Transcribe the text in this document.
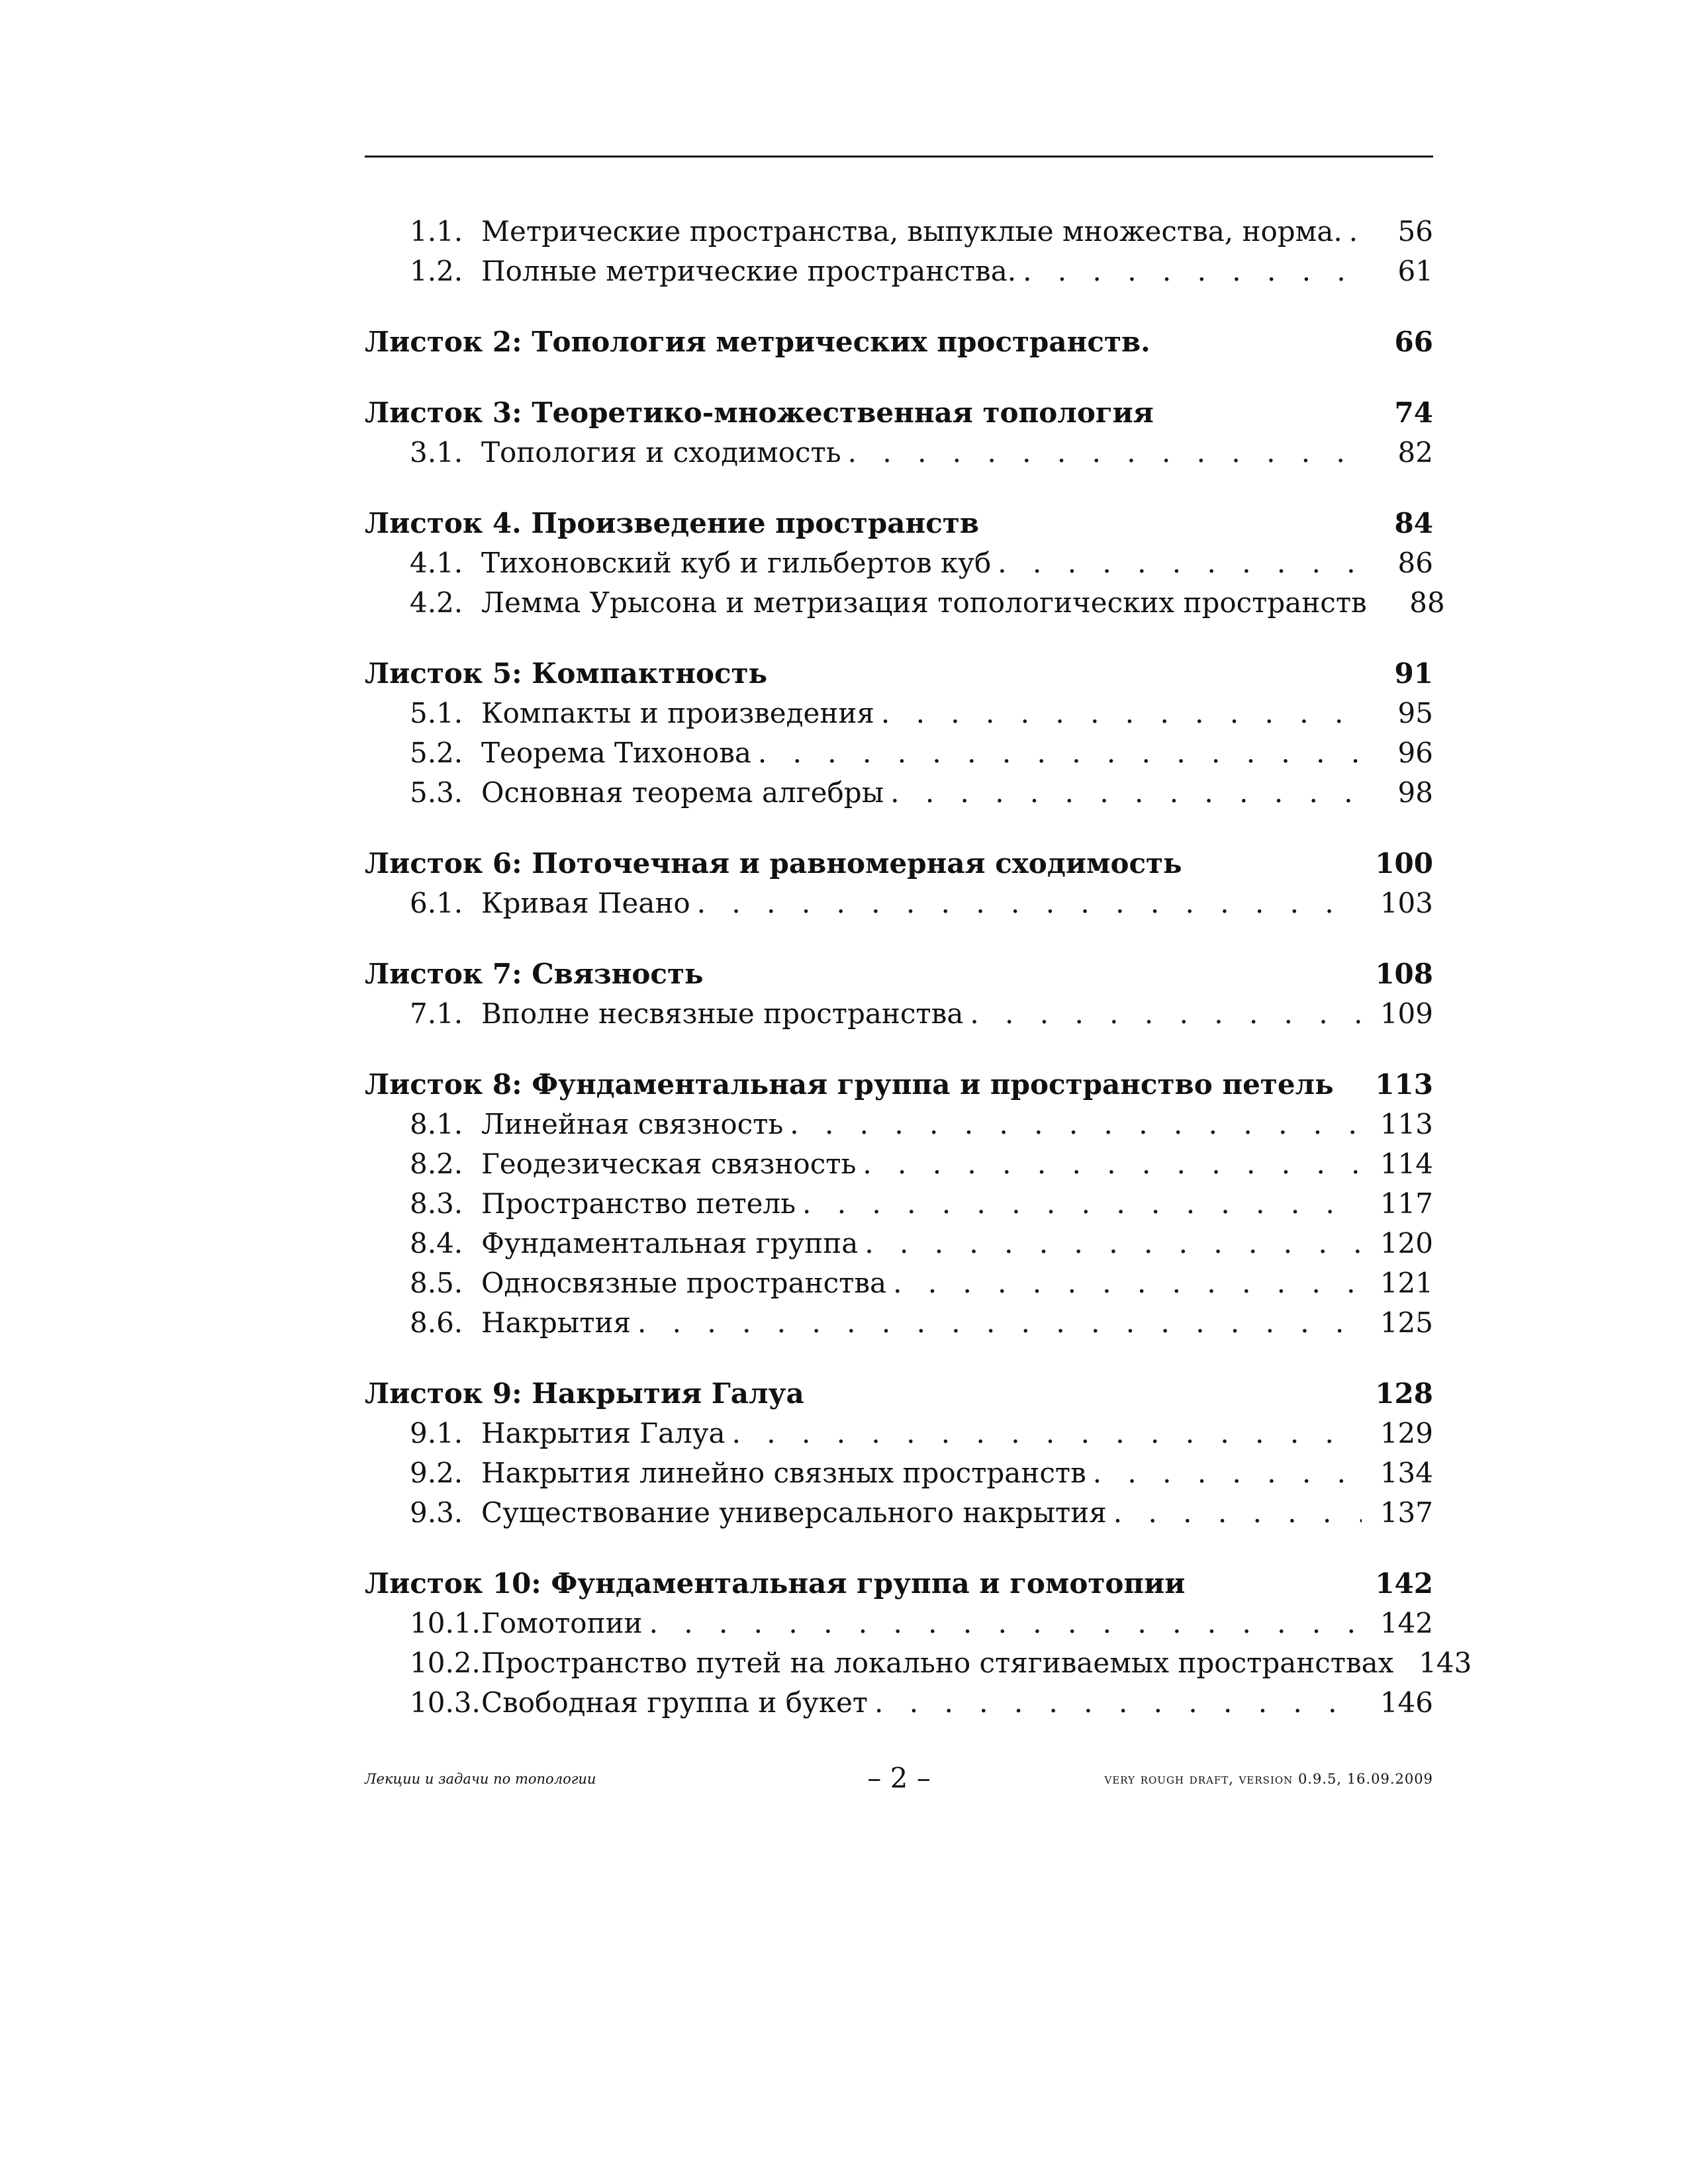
1.1. Метрические пространства, выпуклые множества, норма. . . .	56
1.2. Полные метрические пространства. . . .	61
Листок 2: Топология метрических пространств.	66
Листок 3: Теоретико-множественная топология	74
3.1. Топология и сходимость . . .	82
Листок 4. Произведение пространств	84
4.1. Тихоновский куб и гильбертов куб . . .	86
4.2. Лемма Урысона и метризация топологических пространств	88
Листок 5: Компактность	91
5.1. Компакты и произведения . . .	95
5.2. Теорема Тихонова . . .	96
5.3. Основная теорема алгебры . . .	98
Листок 6: Поточечная и равномерная сходимость	100
6.1. Кривая Пеано . . .	103
Листок 7: Связность	108
7.1. Вполне несвязные пространства . . .	109
Листок 8: Фундаментальная группа и пространство петель 113
8.1. Линейная связность . . .	113
8.2. Геодезическая связность . . .	114
8.3. Пространство петель . . .	117
8.4. Фундаментальная группа . . .	120
8.5. Односвязные пространства . . .	121
8.6. Накрытия . . .	125
Листок 9: Накрытия Галуа	128
9.1. Накрытия Галуа . . .	129
9.2. Накрытия линейно связных пространств . . .	134
9.3. Существование универсального накрытия . . .	137
Листок 10: Фундаментальная группа и гомотопии	142
10.1. Гомотопии . . .	142
10.2. Пространство путей на локально стягиваемых пространствах 143
10.3. Свободная группа и букет . . .	146
Лекции и задачи по топологии	– 2 –	very rough draft, version 0.9.5, 16.09.2009
